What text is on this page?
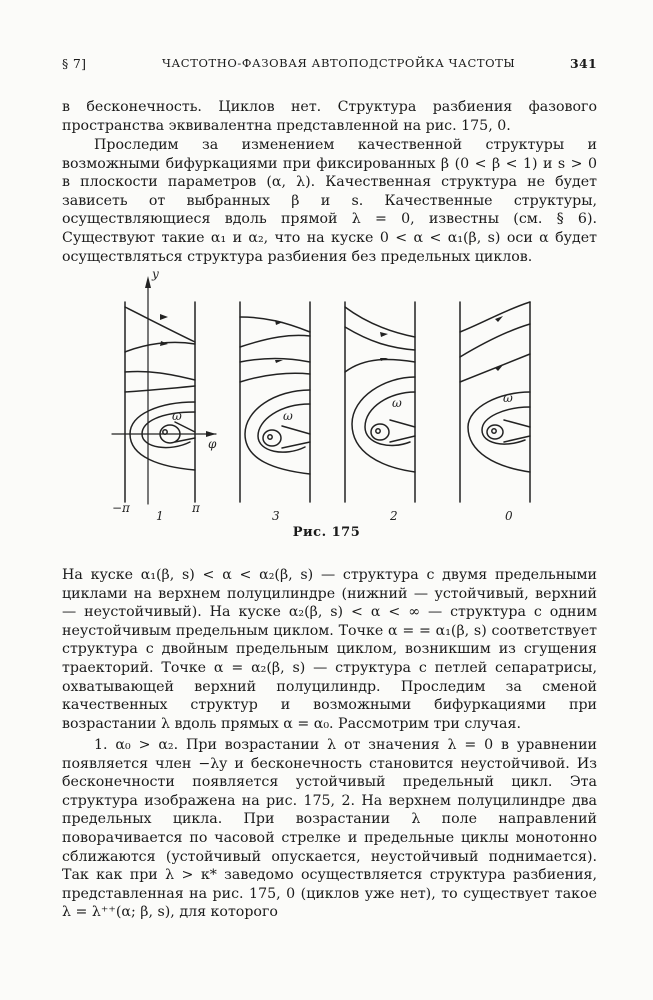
§ 7]	ЧАСТОТНО-ФАЗОВАЯ АВТОПОДСТРОЙКА ЧАСТОТЫ	341

в бесконечность. Циклов нет. Структура разбиения фазового пространства эквивалентна представленной на рис. 175, 0.

Проследим за изменением качественной структуры и возможными бифуркациями при фиксированных β (0 < β < 1) и s > 0 в плоскости параметров (α, λ). Качественная структура не будет зависеть от выбранных β и s. Качественные структуры, осуществляющиеся вдоль прямой λ = 0, известны (см. § 6). Существуют такие α₁ и α₂, что на куске 0 < α < α₁(β, s) оси α будет осуществляться структура разбиения без предельных циклов.

y
φ
−π	π
ω	ω
ω	ω
1	3	2	0
Рис. 175

На куске α₁(β, s) < α < α₂(β, s) — структура с двумя предельными циклами на верхнем полуцилиндре (нижний — устойчивый, верхний — неустойчивый). На куске α₂(β, s) < α < ∞ — структура с одним неустойчивым предельным циклом. Точке α = = α₁(β, s) соответствует структура с двойным предельным циклом, возникшим из сгущения траекторий. Точке α = α₂(β, s) — структура с петлей сепаратрисы, охватывающей верхний полуцилиндр. Проследим за сменой качественных структур и возможными бифуркациями при возрастании λ вдоль прямых α = α₀. Рассмотрим три случая.

1. α₀ > α₂. При возрастании λ от значения λ = 0 в уравнении появляется член −λy и бесконечность становится неустойчивой. Из бесконечности появляется устойчивый предельный цикл. Эта структура изображена на рис. 175, 2. На верхнем полуцилиндре два предельных цикла. При возрастании λ поле направлений поворачивается по часовой стрелке и предельные циклы монотонно сближаются (устойчивый опускается, неустойчивый поднимается). Так как при λ > κ* заведомо осуществляется структура разбиения, представленная на рис. 175, 0 (циклов уже нет), то существует такое λ = λ⁺⁺(α; β, s), для которого
